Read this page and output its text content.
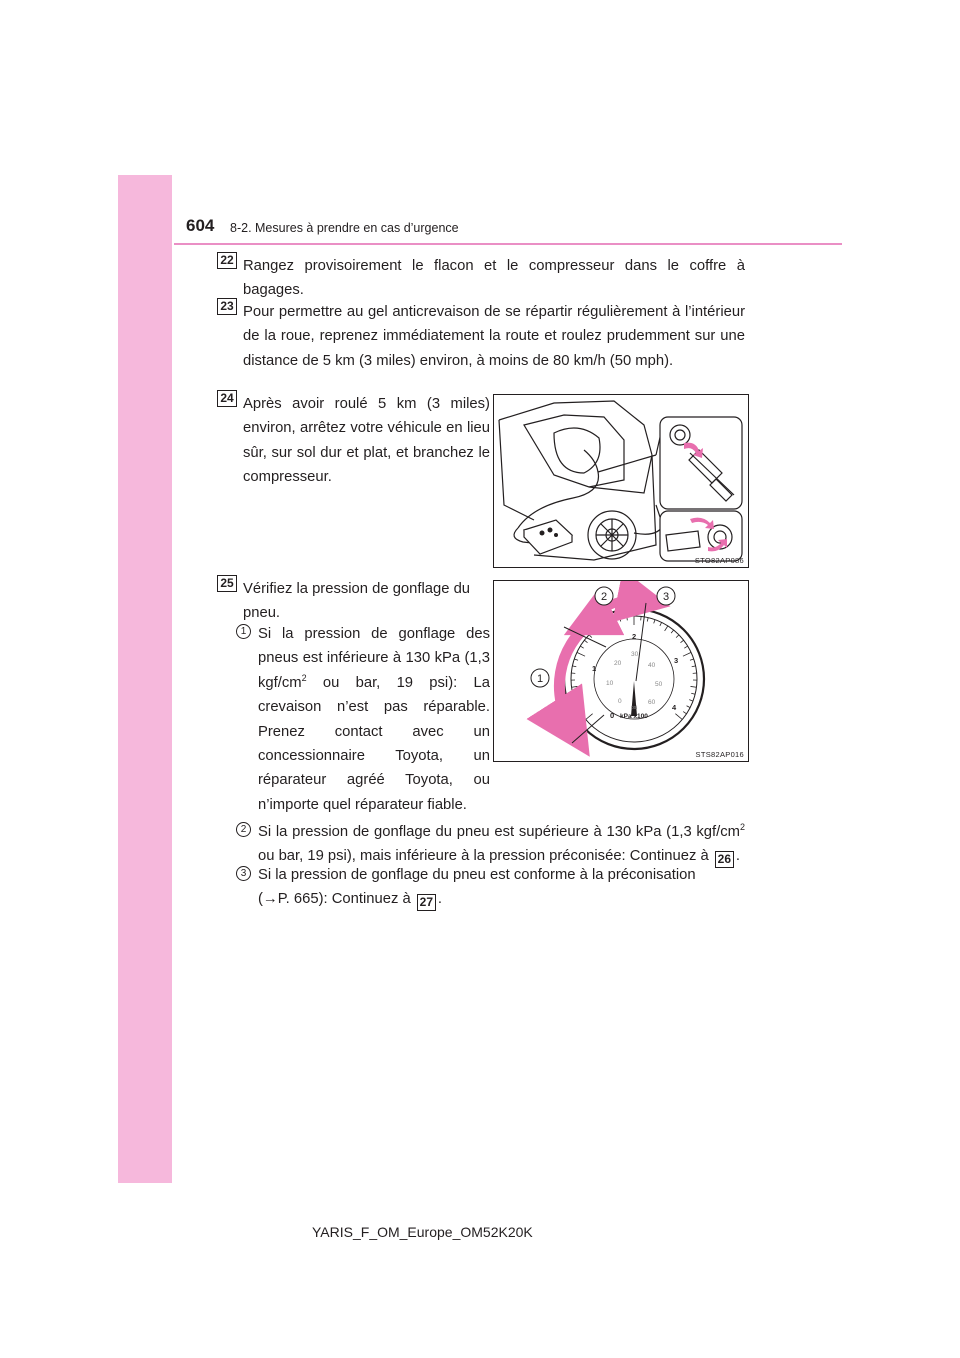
604 8-2. Mesures à prendre en cas d’urgence
22 Rangez provisoirement le flacon et le compresseur dans le coffre à bagages.
23 Pour permettre au gel anticrevaison de se répartir régulièrement à l’intérieur de la roue, reprenez immédiatement la route et roulez prudemment sur une distance de 5 km (3 miles) environ, à moins de 80 km/h (50 mph).
24 Après avoir roulé 5 km (3 miles) environ, arrêtez votre véhicule en lieu sûr, sur sol dur et plat, et branchez le compresseur.
STO82AP086
25 Vérifiez la pression de gonflage du pneu.
0
1
2
3
4
kPa x100
0
10
20
30
40
50
60
psi
1
2	3
STS82AP016
1 Si la pression de gonflage des pneus est inférieure à 130 kPa (1,3 kgf/$cm^2$ ou bar, 19 psi): La crevaison n’est pas réparable. Prenez contact avec un concessionnaire Toyota, un réparateur agréé Toyota, ou n’importe quel réparateur fiable.
2 Si la pression de gonflage du pneu est supérieure à 130 kPa (1,3 kgf/$cm^2$ ou bar, 19 psi), mais inférieure à la pression préconisée: Continuez à 26 .
3 Si la pression de gonflage du pneu est conforme à la préconisation
(→P. 665): Continuez à 27 .
YARIS_F_OM_Europe_OM52K20K
